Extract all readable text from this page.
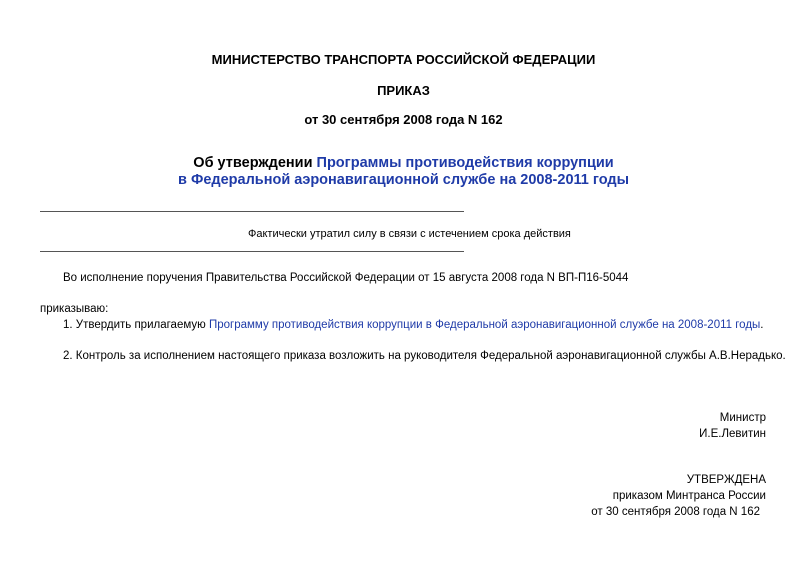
МИНИСТЕРСТВО ТРАНСПОРТА РОССИЙСКОЙ ФЕДЕРАЦИИ
ПРИКАЗ
от 30 сентября 2008 года N 162
Об утверждении Программы противодействия коррупции
в Федеральной аэронавигационной службе на 2008-2011 годы
Фактически утратил силу в связи с истечением срока действия
Во исполнение поручения Правительства Российской Федерации от 15 августа 2008 года N ВП-П16-5044
приказываю:
1. Утвердить прилагаемую Программу противодействия коррупции в Федеральной аэронавигационной службе на 2008-2011 годы.
2. Контроль за исполнением настоящего приказа возложить на руководителя Федеральной аэронавигационной службы А.В.Нерадько.
Министр
И.Е.Левитин
УТВЕРЖДЕНА
приказом Минтранса России
от 30 сентября 2008 года N 162
